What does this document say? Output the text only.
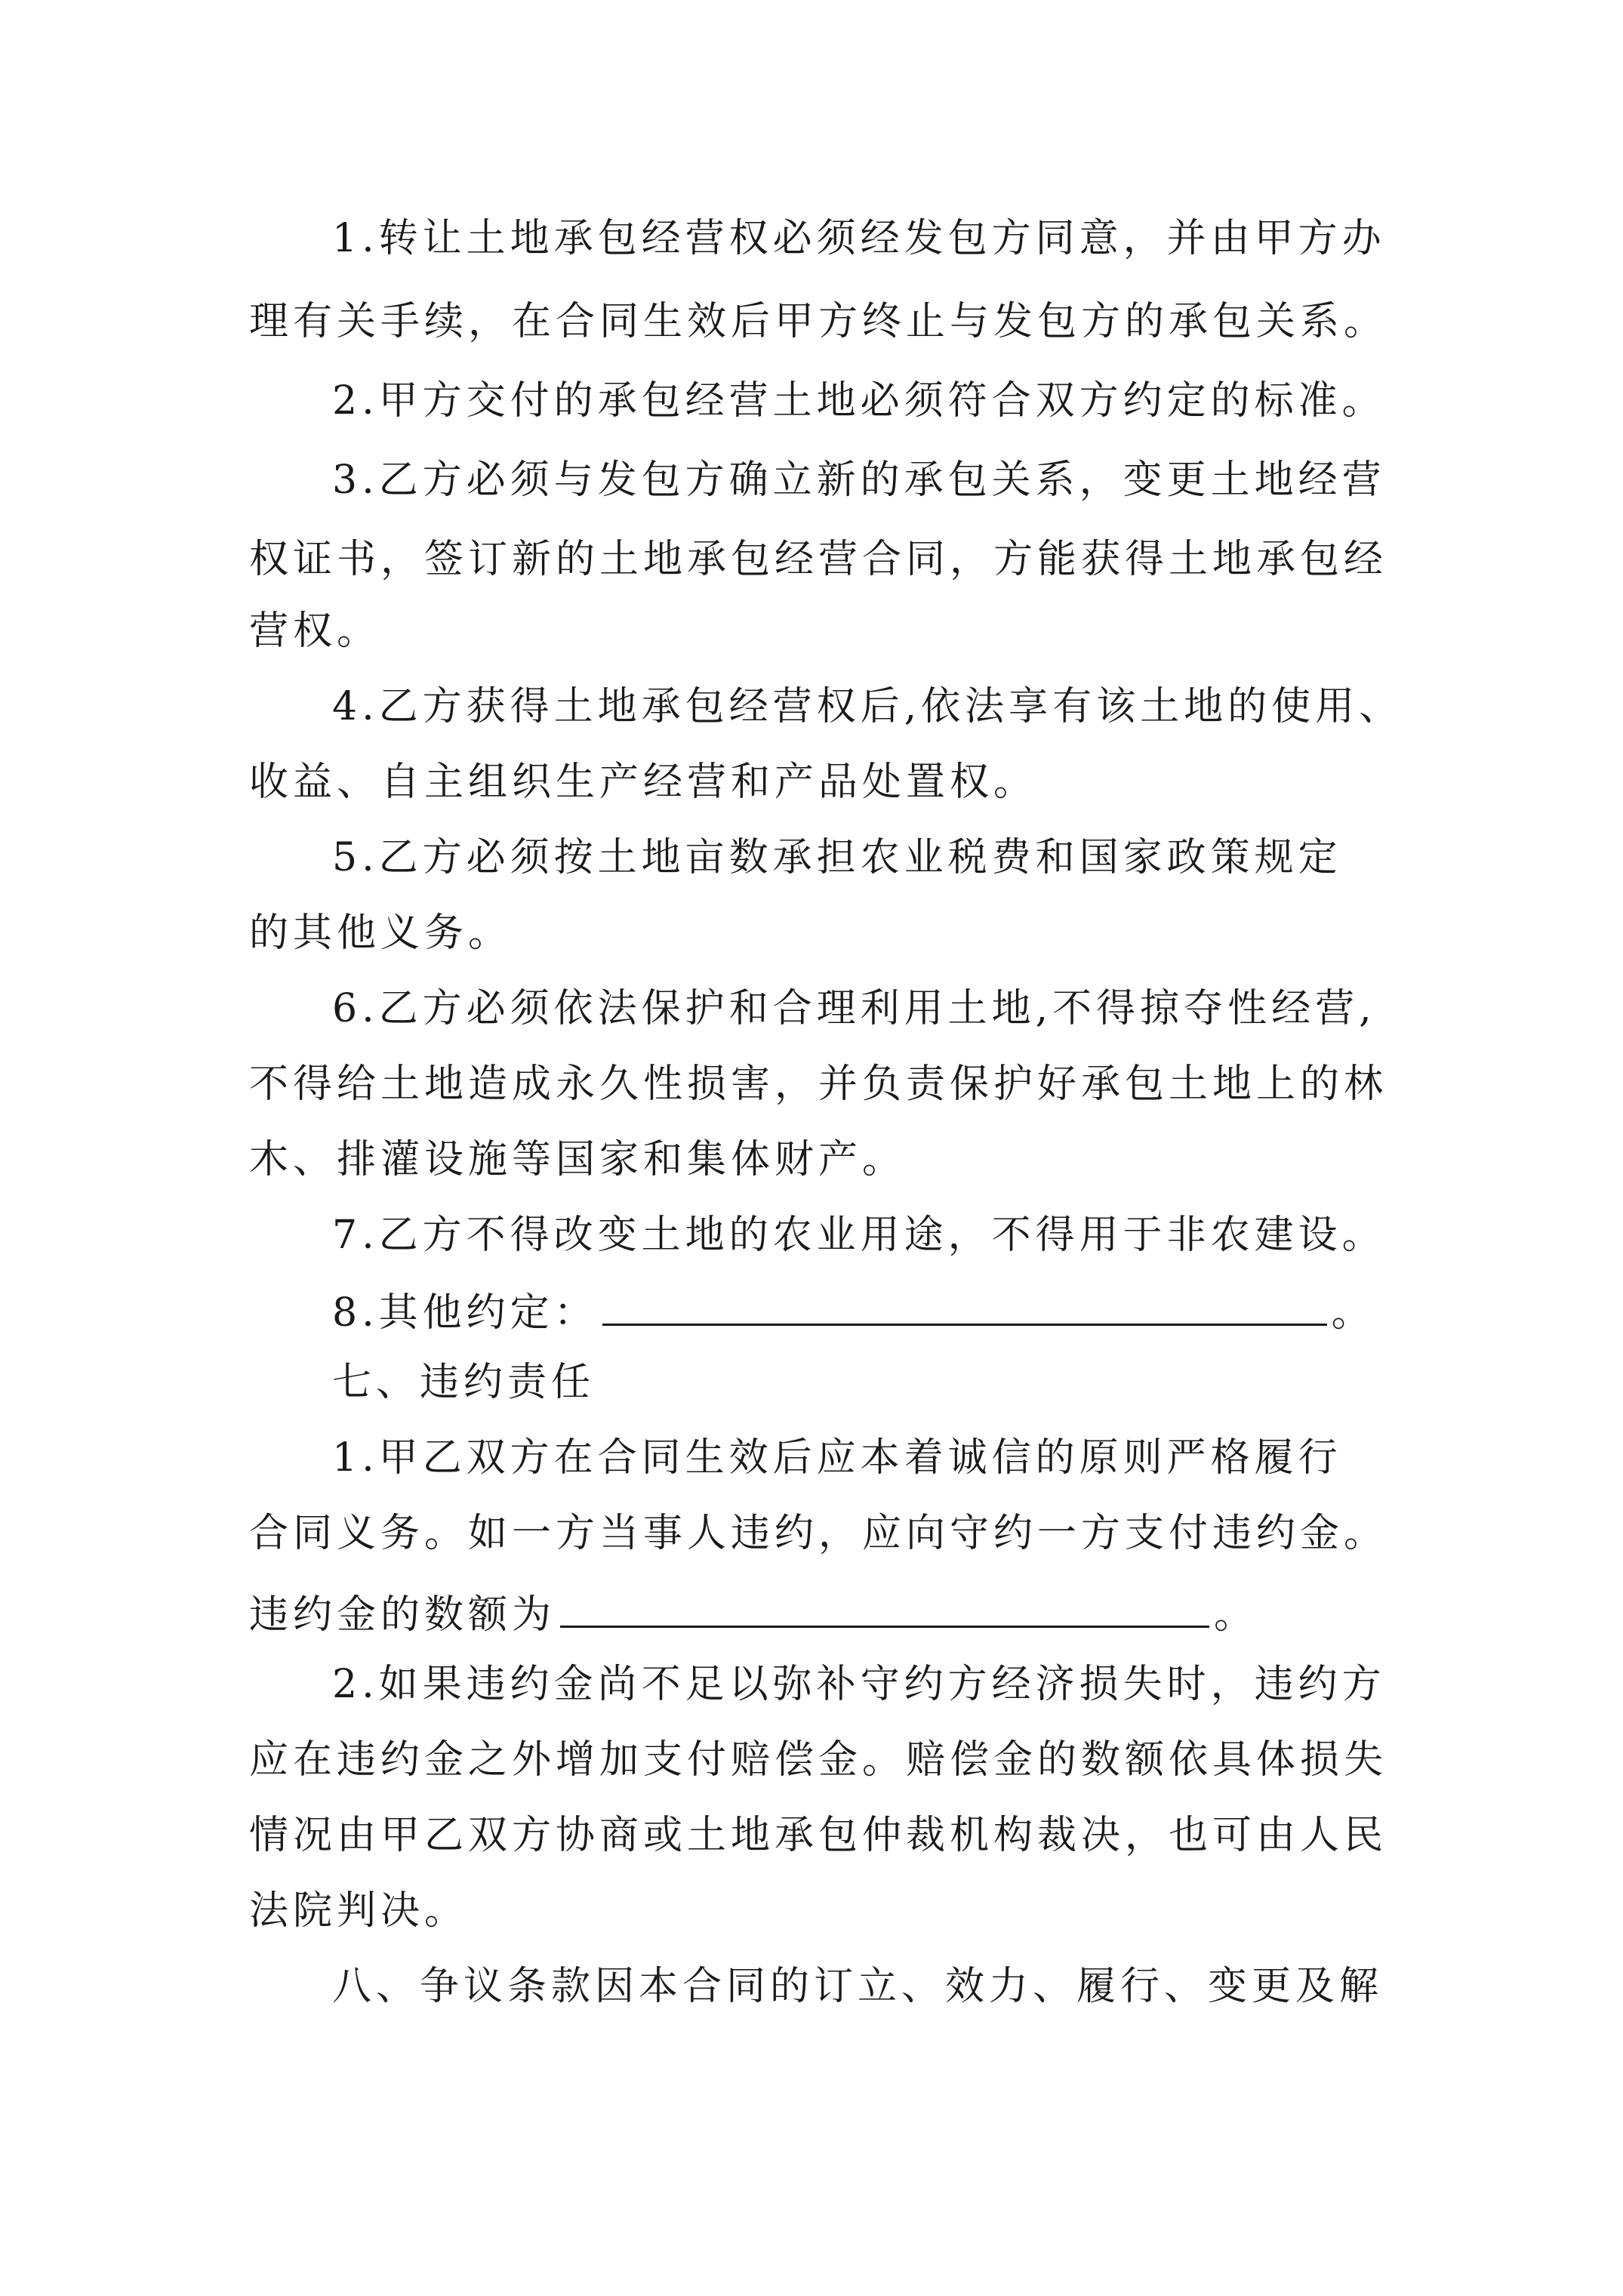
1.转让土地承包经营权必须经发包方同意，并由甲方办
理有关手续，在合同生效后甲方终止与发包方的承包关系。
2.甲方交付的承包经营土地必须符合双方约定的标准。
3.乙方必须与发包方确立新的承包关系，变更土地经营
权证书，签订新的土地承包经营合同，方能获得土地承包经
营权。
4.乙方获得土地承包经营权后,依法享有该土地的使用、
收益、自主组织生产经营和产品处置权。
5.乙方必须按土地亩数承担农业税费和国家政策规定
的其他义务。
6.乙方必须依法保护和合理利用土地,不得掠夺性经营,
不得给土地造成永久性损害，并负责保护好承包土地上的林
木、排灌设施等国家和集体财产。
7.乙方不得改变土地的农业用途，不得用于非农建设。
8.其他约定：	。
七、违约责任
1.甲乙双方在合同生效后应本着诚信的原则严格履行
合同义务。如一方当事人违约，应向守约一方支付违约金。
违约金的数额为	。
2.如果违约金尚不足以弥补守约方经济损失时，违约方
应在违约金之外增加支付赔偿金。赔偿金的数额依具体损失
情况由甲乙双方协商或土地承包仲裁机构裁决，也可由人民
法院判决。
八、争议条款因本合同的订立、效力、履行、变更及解
